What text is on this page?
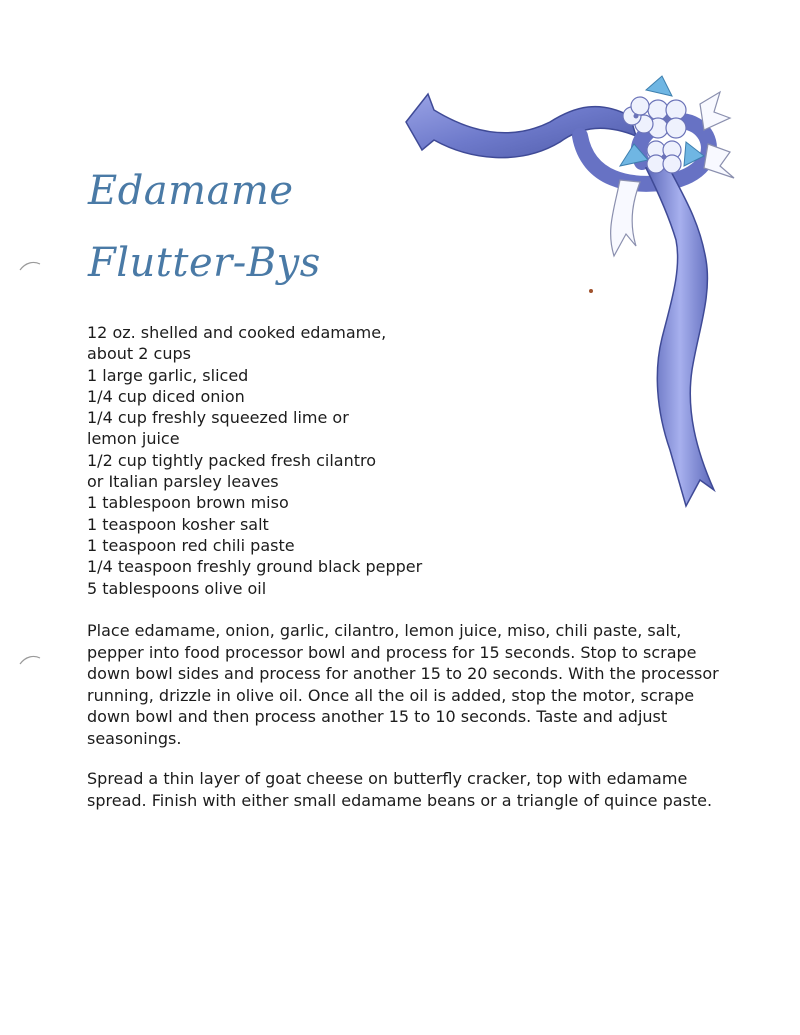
Edamame
Flutter-Bys
12 oz. shelled and cooked edamame,
about 2 cups
1 large garlic, sliced
1/4 cup diced onion
1/4 cup freshly squeezed lime or
lemon juice
1/2 cup tightly packed fresh cilantro
or Italian parsley leaves
1 tablespoon brown miso
1 teaspoon kosher salt
1 teaspoon red chili paste
1/4 teaspoon freshly ground black pepper
5 tablespoons olive oil

Place edamame, onion, garlic, cilantro, lemon juice, miso, chili paste, salt, pepper into food processor bowl and process for 15 seconds. Stop to scrape down bowl sides and process for another 15 to 20 seconds. With the processor running, drizzle in olive oil. Once all the oil is added, stop the motor, scrape down bowl and then process another 15 to 10 seconds. Taste and adjust seasonings.

Spread a thin layer of goat cheese on butterfly cracker, top with edamame spread. Finish with either small edamame beans or a triangle of quince paste.
